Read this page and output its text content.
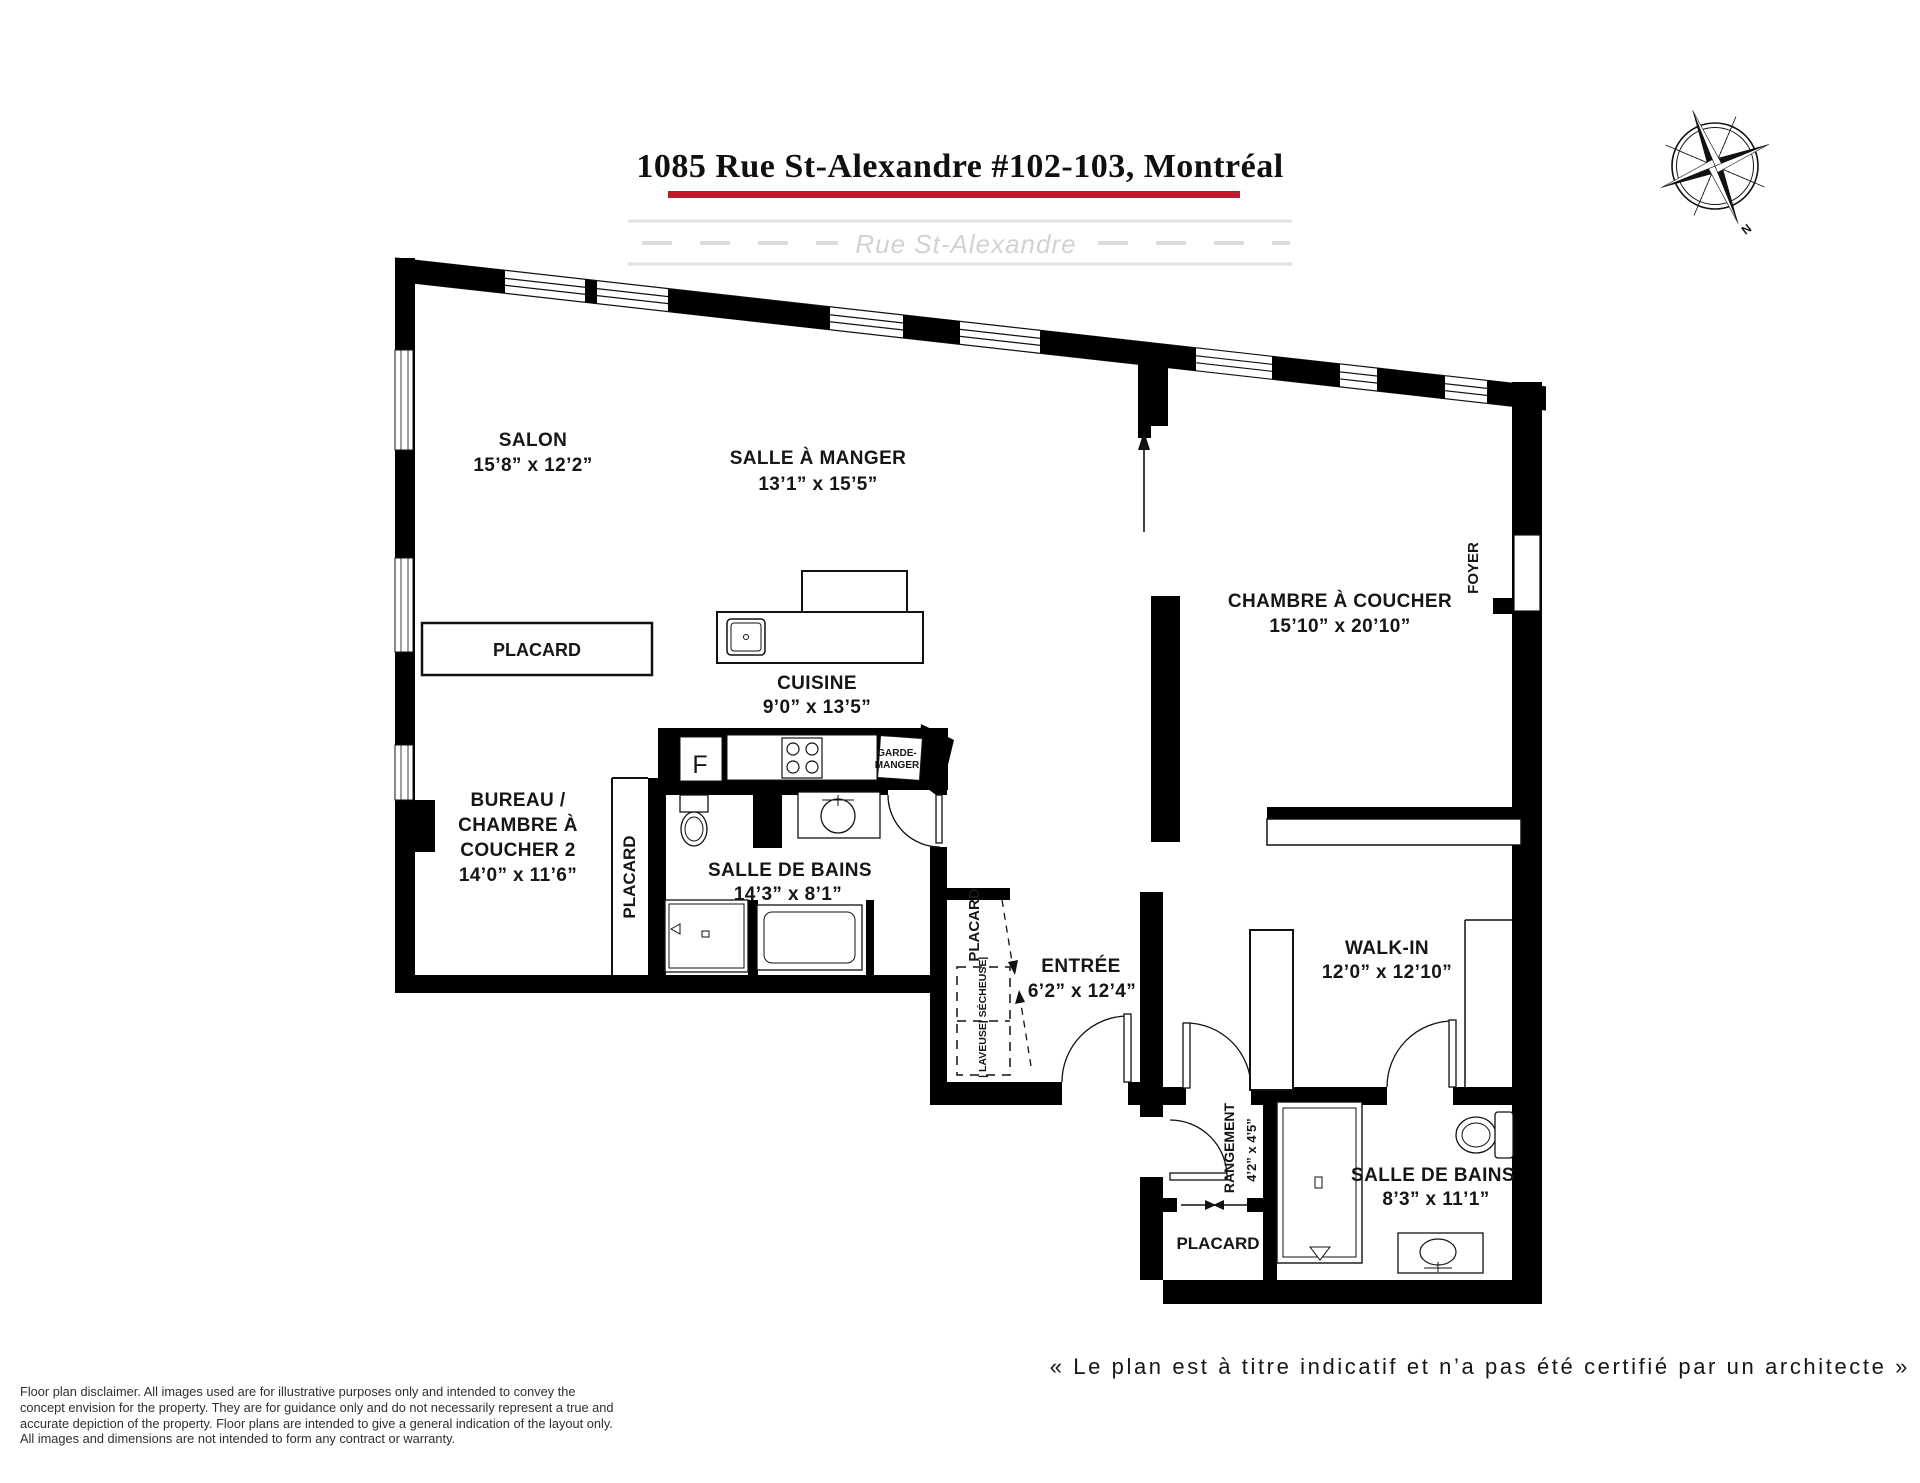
1085 Rue St-Alexandre #102-103, Montréal
Rue St-Alexandre	N
SALON
15’8” x 12’2”	SALLE À MANGER
13’1” x 15’5”
CUISINE
9’0” x 13’5”
BUREAU /
CHAMBRE À
COUCHER 2
14’0” x 11’6”	SALLE DE BAINS
14’3” x 8’1”
CHAMBRE À COUCHER
15’10” x 20’10”
ENTRÉE
6’2” x 12’4”
WALK-IN
12’0” x 12’10”
RANGEMENT 4’2” x 4’5”	SALLE DE BAINS
8’3” x 11’1”
PLACARD
PLACARD
PLACARD
PLACARD
GARDE-
MANGER
FOYER
F
| LAVEUSE|
| SÉCHEUSE|
Floor plan disclaimer. All images used are for illustrative purposes only and intended to convey the
concept envision for the property. They are for guidance only and do not necessarily represent a true and
accurate depiction of the property. Floor plans are intended to give a general indication of the layout only.
All images and dimensions are not intended to form any contract or warranty.
« Le plan est à titre indicatif et n’a pas été certifié par un architecte »
